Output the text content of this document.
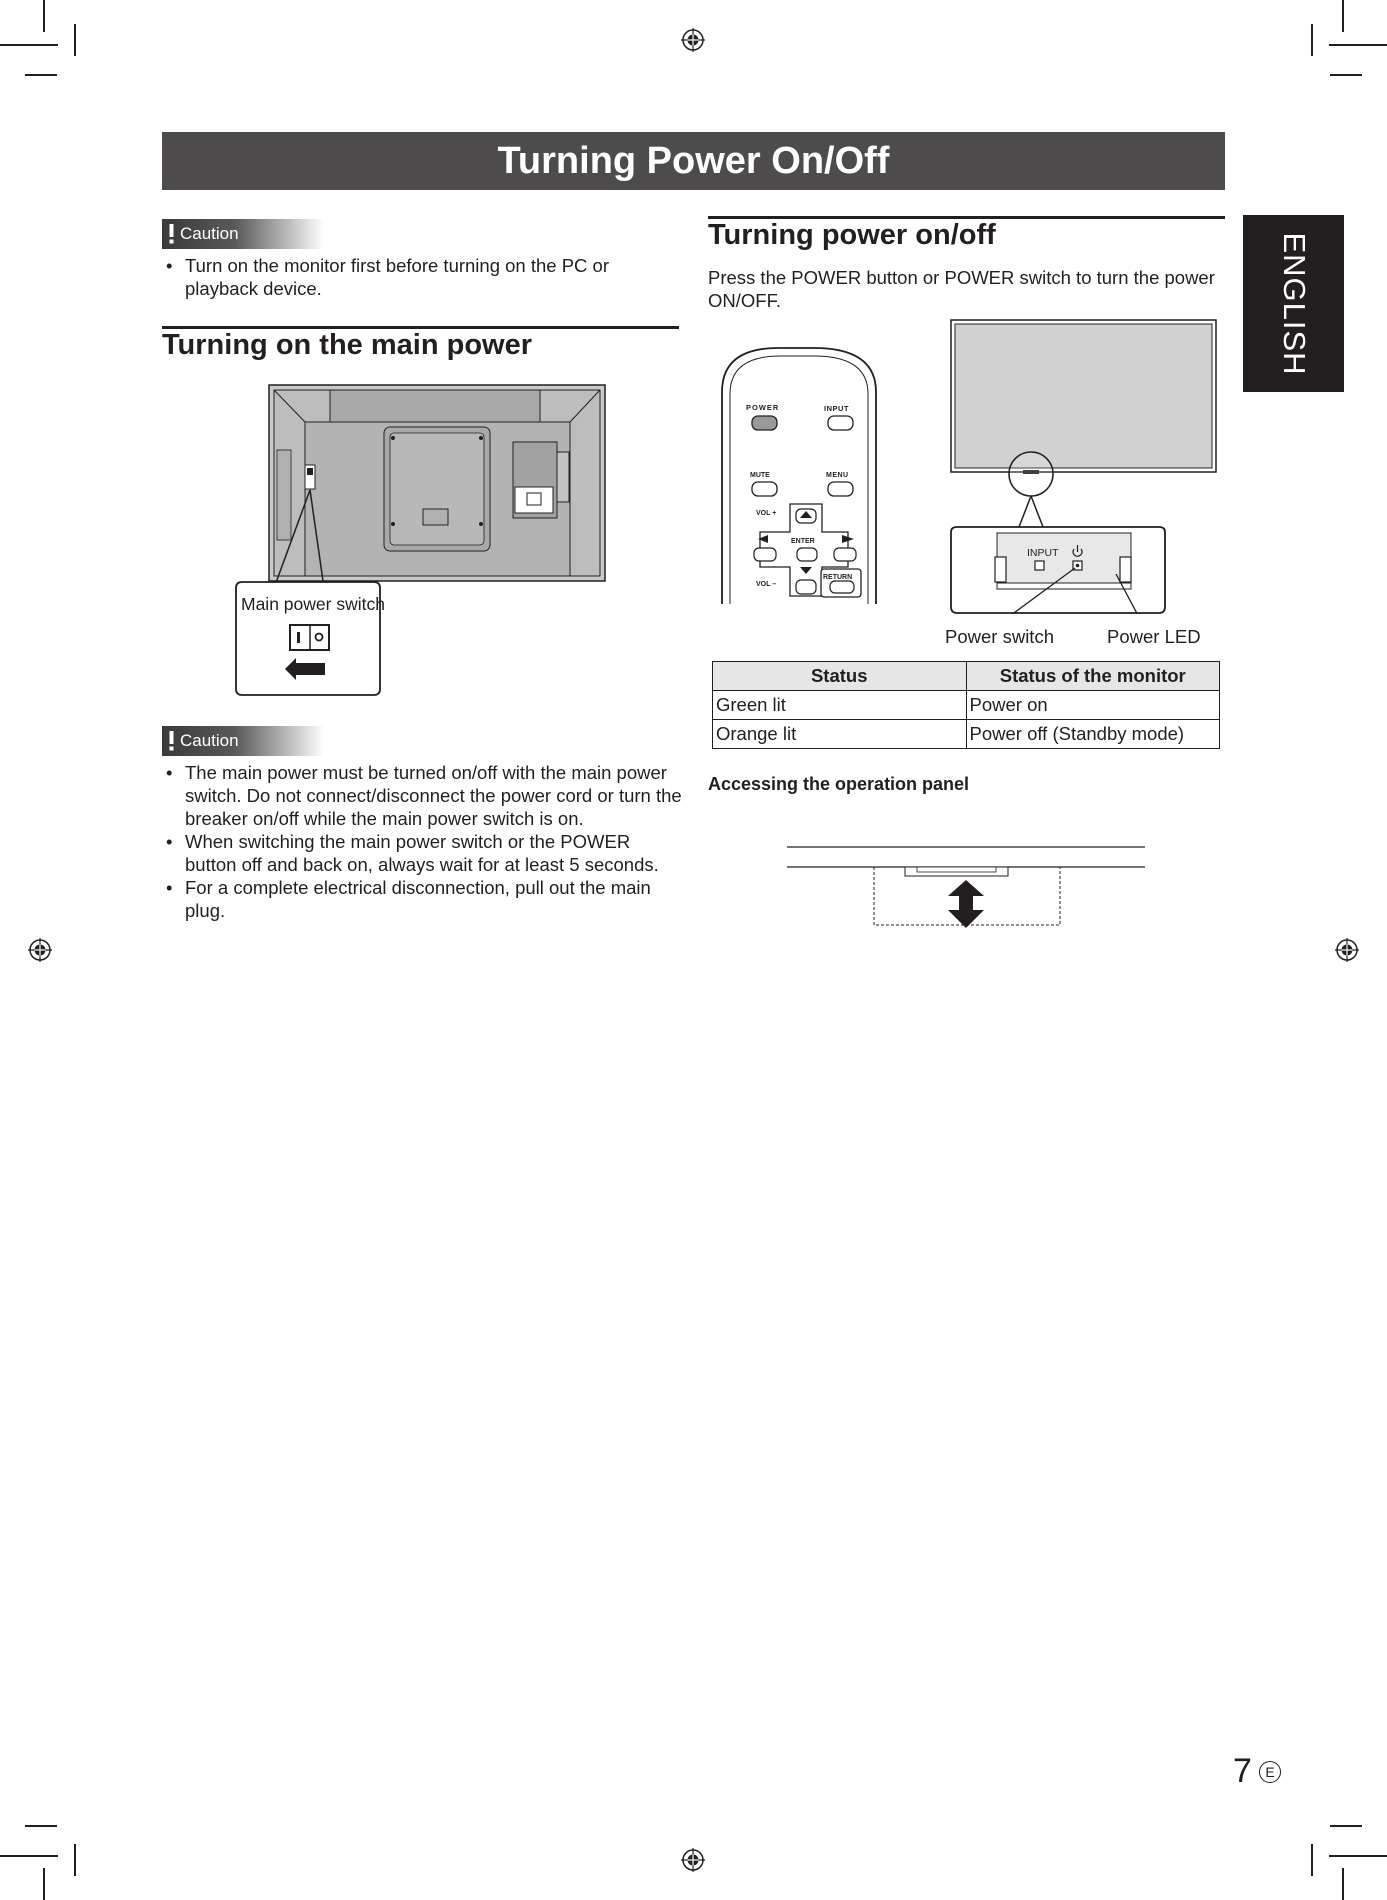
Turning Power On/Off
ENGLISH
Caution
• Turn on the monitor first before turning on the PC or playback device.
Turning on the main power
Main power switch
Caution
• The main power must be turned on/off with the main power switch. Do not connect/disconnect the power cord or turn the breaker on/off while the main power switch is on.
• When switching the main power switch or the POWER button off and back on, always wait for at least 5 seconds.
• For a complete electrical disconnection, pull out the main plug.
Turning power on/off
Press the POWER button or POWER switch to turn the power ON/OFF.
POWER	INPUT
MUTE	MENU
VOL +
ENTER
VOL –
RETURN
INPUT
Power switch	Power LED
Status	Status of the monitor
Green lit	Power on
Orange lit	Power off (Standby mode)
Accessing the operation panel
7 E
